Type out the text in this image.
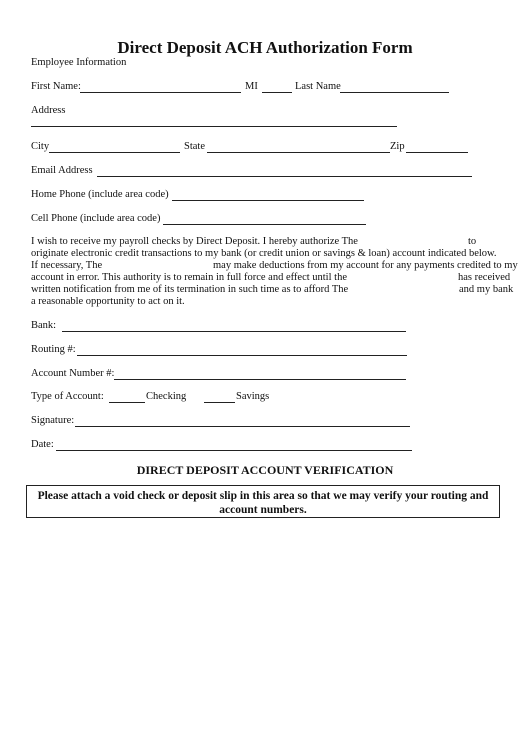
Direct Deposit ACH Authorization Form
Employee Information
First Name:	MI	Last Name
Address
City	State	Zip
Email Address
Home Phone (include area code)
Cell Phone (include area code)
I wish to receive my payroll checks by Direct Deposit. I hereby authorize The	to
originate electronic credit transactions to my bank (or credit union or savings & loan) account indicated below.
If necessary, The	may make deductions from my account for any payments credited to my
account in error. This authority is to remain in full force and effect until the	has received
written notification from me of its termination in such time as to afford The	and my bank
a reasonable opportunity to act on it.
Bank:
Routing #:
Account Number #:
Type of Account:	Checking	Savings
Signature:
Date:
DIRECT DEPOSIT ACCOUNT VERIFICATION
Please attach a void check or deposit slip in this area so that we may verify your routing and account numbers.
